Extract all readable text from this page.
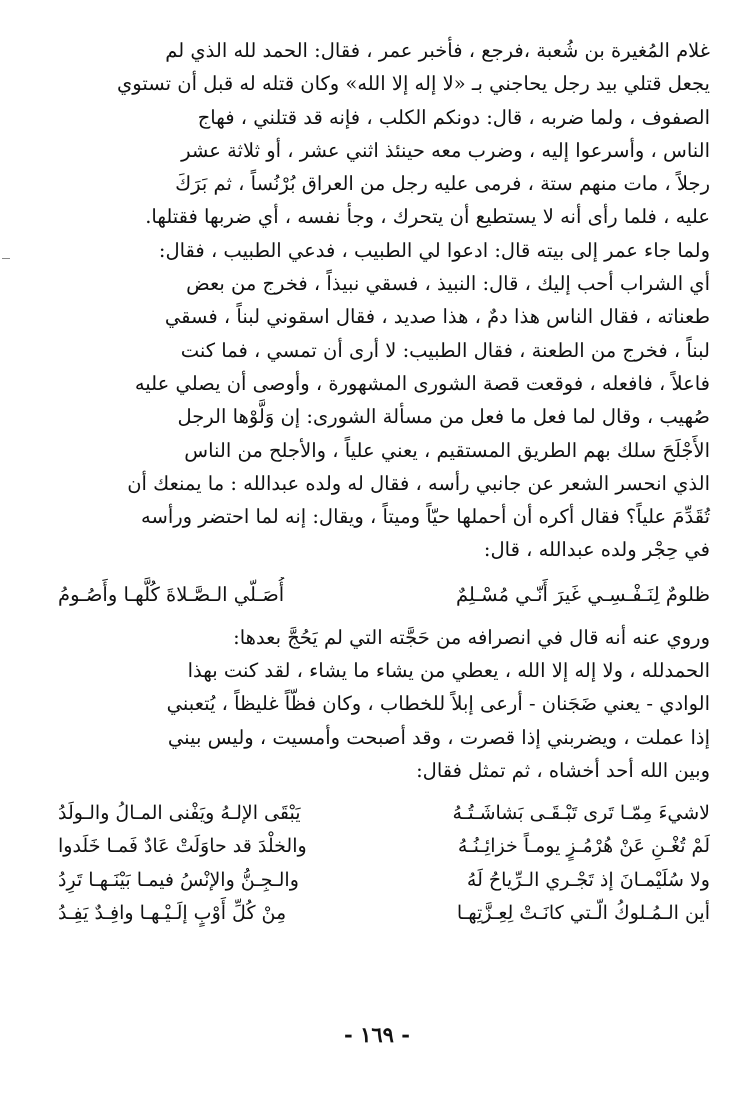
غلام المُغيرة بن شُعبة ،فرجع ، فأخبر عمر ، فقال: الحمد لله الذي لم

يجعل قتلي بيد رجل يحاجني بـ «لا إله إلا الله» وكان قتله له قبل أن تستوي

الصفوف ، ولما ضربه ، قال: دونكم الكلب ، فإنه قد قتلني ، فهاج

الناس ، وأسرعوا إليه ، وضرب معه حينئذ اثني عشر ، أو ثلاثة عشر

رجلاً ، مات منهم ستة ، فرمى عليه رجل من العراق بُرْنُساً ، ثم بَرَكَ

عليه ، فلما رأى أنه لا يستطيع أن يتحرك ، وجأ نفسه ، أي ضربها فقتلها.

ولما جاء عمر إلى بيته قال: ادعوا لي الطبيب ، فدعي الطبيب ، فقال:

أي الشراب أحب إليك ، قال: النبيذ ، فسقي نبيذاً ، فخرج من بعض

طعناته ، فقال الناس هذا دمٌ ، هذا صديد ، فقال اسقوني لبناً ، فسقي

لبناً ، فخرج من الطعنة ، فقال الطبيب: لا أرى أن تمسي ، فما كنت

فاعلاً ، فافعله ، فوقعت قصة الشورى المشهورة ، وأوصى أن يصلي عليه

صُهيب ، وقال لما فعل ما فعل من مسألة الشورى: إن وَلَّوْها الرجل

الأَجْلَحَ سلك بهم الطريق المستقيم ، يعني علياً ، والأجلح من الناس

الذي انحسر الشعر عن جانبي رأسه ، فقال له ولده عبدالله : ما يمنعك أن

تُقَدِّمَ علياً؟ فقال أكره أن أحملها حيّاً وميتاً ، ويقال: إنه لما احتضر ورأسه

في حِجْر ولده عبدالله ، قال:

ظلومٌ لِنَـفْـسِـي غَيرَ أَنّـي مُسْـلِمٌ
أُصَـلّي الـصَّـلاةَ كُلَّهـا وأَصُـومُ

وروي عنه أنه قال في انصرافه من حَجَّته التي لم يَحُجَّ بعدها:

الحمدلله ، ولا إله إلا الله ، يعطي من يشاء ما يشاء ، لقد كنت بهذا

الوادي - يعني ضَجَنان - أرعى إبلاً للخطاب ، وكان فظّاً غليظاً ، يُتعبني

إذا عملت ، ويضربني إذا قصرت ، وقد أصبحت وأمسيت ، وليس بيني

وبين الله أحد أخشاه ، ثم تمثل فقال:

لاشيءَ مِمّـا تَرى تَبْـقَـى بَشاشَـتُـهُ
يَبْقَى الإلـهُ ويَفْنى المـالُ والـولَدُ
لَمْ تُغْـنِ عَنْ هُرْمُـزٍ يومـاً خزائِـنُـهُ
والخلْدَ قد حاوَلَتْ عَادٌ فَمـا خَلَدوا
ولا سُلَيْمـانَ إذ تَجْـري الـرِّياحُ لَهُ
والـجِـنُّ والإنْسُ فيمـا بَيْنَـهـا تَرِدُ
أين الـمُـلوكُ الّـتي كانَـتْ لِعِـزَّتِهـا
مِنْ كُلِّ أَوْبٍ إلَـيْـهـا وافِـدٌ يَفِـدُ
- ١٦٩ -
